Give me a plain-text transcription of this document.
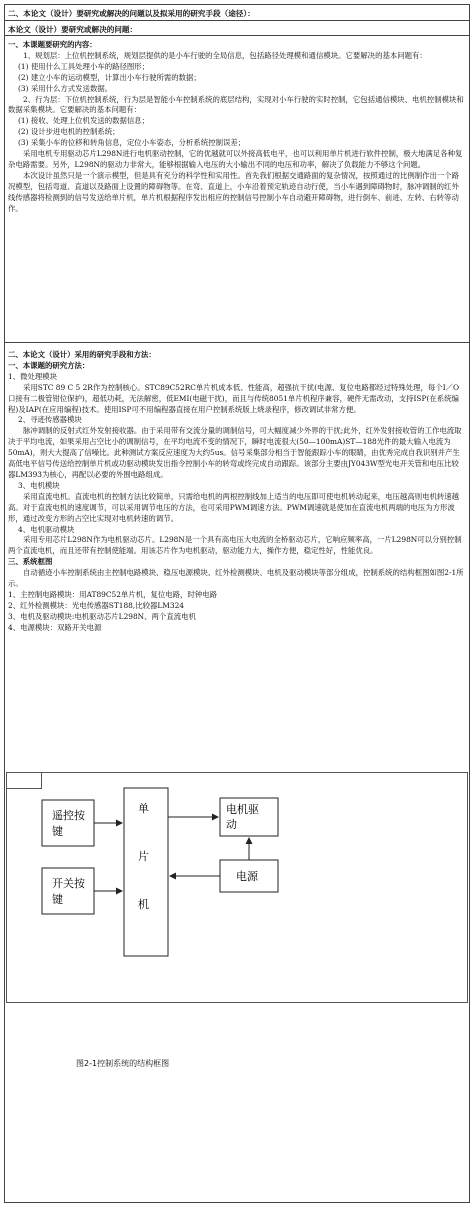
二、本论文（设计）要研究或解决的问题以及拟采用的研究手段（途径）：
本论文（设计）要研究或解决的问题：

一、本课题要研究的内容：

1、规划层：上位机控制系统，规划层提供的是小车行驶的全局信息，包括路径处理模和通信模块。它要解决的基本问题有：

(1) 使用什么工具处理小车的路径图形；

(2) 建立小车的运动模型，计算出小车行驶所需的数据；

(3) 采用什么方式发送数据。

2、行为层：下位机控制系统，行为层是智能小车控制系统的底层结构，实现对小车行驶的实时控制，它包括通信模块、电机控制模块和数据采集模块。它要解决的基本问题有：

(1) 接收、处理上位机发送的数据信息；

(2) 设计步进电机的控制系统；

(3) 采集小车的位移和转角信息，定位小车姿态，分析系统控制误差；

采用电机专用驱动芯片L298N进行电机驱动控制，它的优越就可以外接高低电平，也可以利用单片机进行软件控制，极大地满足各种复杂电路需要。另外，L298N的驱动力非常大，能够根据输入电压的大小输出不同的电压和功率，解决了负载能力不够这个问题。

本次设计虽然只是一个演示模型，但是具有充分的科学性和实用性。首先我们根据交通路面的复杂情况，按照通过的比例制作出一个路况模型，包括弯道、直道以及路面上设置的障碍物等。在弯、直道上，小车沿着预定轨迹自动行使，当小车遇到障碍物时，脉冲调制的红外线传感器将检测到的信号发送给单片机，单片机根据程序发出相应的控制信号控制小车自动避开障碍物，进行倒车、前进、左转、右转等动作。

二、本论文（设计）采用的研究手段和方法：

一、本课题的研究方法：

1、微处理模块

采用STC 89 C 5 2R作为控制核心。STC89C52RC单片机成本低、性能高，超强抗干扰(电源、复位电路都经过特殊处理，每个I／O口接有二极管钳位保护)，超低功耗，无法解密，低EMI(电磁干扰)，而且与传统8051单片机程序兼容，硬件无需改动，支持ISP(在系统编程)及IAP(在应用编程)技术。使用ISP可不用编程器直接在用户控制系统版上烧录程序，修改调试非常方便。

2、寻迹传感器模块

脉冲调制的反射式红外发射接收器。由于采用带有交流分量的调制信号，可大幅度减少外界的干扰;此外，红外发射接收管的工作电流取决于平均电流，如果采用占空比小的调制信号，在平均电流不变的情况下，瞬时电流很大(50—100mA)ST—188光件的最大输入电流为50mA)，则大大提高了信噪比。此种测试方案反应速度为大约5us。信号采集部分相当于智能跟踪小车的眼睛，由优秀完成自我识别并产生高低电平信号传送给控制单片机或功驱动模块发出指令控制小车的转弯或终完成自动跟踪。该部分主要由JY043W型光电开关管和电压比较器LM393为核心，再配以必要的外围电路组成。

3、电机模块

采用直流电机。直流电机的控制方法比较简单，只需给电机的两根控制线加上适当的电压即可使电机转动起来，电压越高则电机转速越高。对于直流电机的速度调节，可以采用调节电压的方法，也可采用PWM调速方法。PWM调速就是使加在直流电机两端的电压为方形波形，通过改变方形的占空比实现对电机转速的调节。

4、电机驱动模块

采用专用芯片L298N作为电机驱动芯片。L298N是一个具有高电压大电流的全桥驱动芯片，它响应频率高，一片L298N可以分别控制两个直流电机，而且还带有控制使能端。用该芯片作为电机驱动，驱动能力大，操作方便，稳定性好，性能优良。

三、系统框图

自动循迹小车控制系统由主控制电路模块、稳压电源模块、红外检测模块、电机及驱动模块等部分组成，控制系统的结构框图如图2-1所示。

1、主控制电路模块：用AT89C52单片机，复位电路，时钟电路

2、红外检测模块：光电传感器ST188,比较器LM324

3、电机及驱动模块:电机驱动芯片L298N、两个直流电机

4、电源模块：双路开关电源

遥控按
键
开关按
键
单
片
机
电机驱
动
电源
图2-1控制系统的结构框图
